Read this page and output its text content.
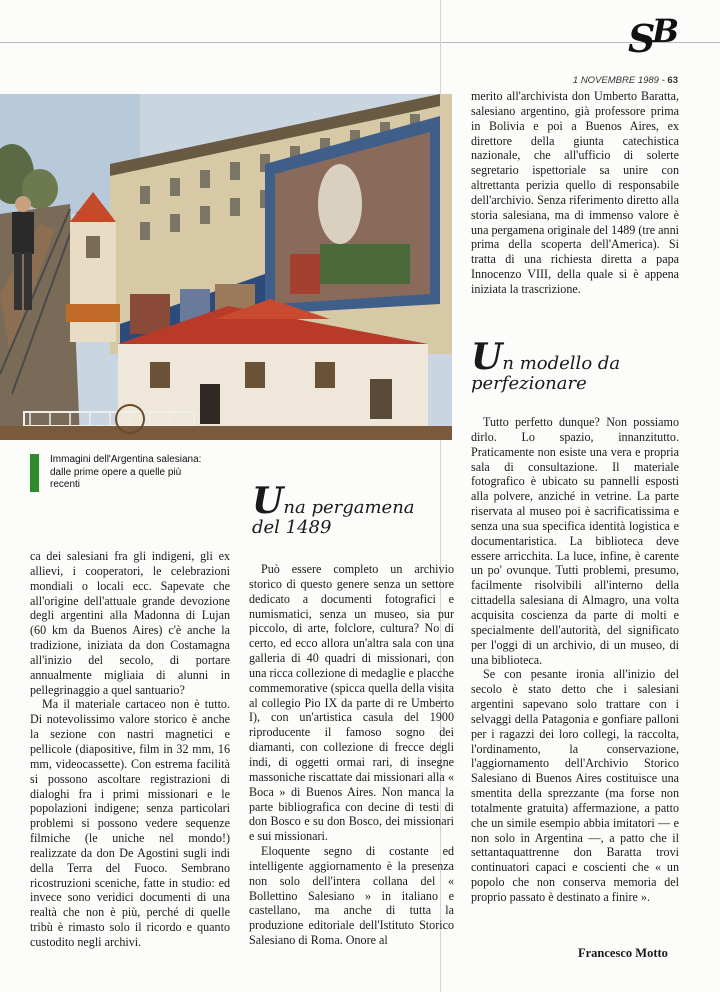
S
B
1 NOVEMBRE 1989 - 63
Immagini dell'Argentina salesiana: dalle prime opere a quelle più recenti

merito all'archivista don Umberto Baratta, salesiano argentino, già professore prima in Bolivia e poi a Buenos Aires, ex direttore della giunta catechistica nazionale, che all'ufficio di solerte segretario ispettoriale sa unire con altrettanta perizia quello di responsabile dell'archivio. Senza riferimento diretto alla storia salesiana, ma di immenso valore è una pergamena originale del 1489 (tre anni prima della scoperta dell'America). Si tratta di una richiesta diretta a papa Innocenzo VIII, della quale si è appena iniziata la trascrizione.

Un modello da perfezionare
Una pergamena del 1489

ca dei salesiani fra gli indigeni, gli ex allievi, i cooperatori, le celebrazioni mondiali o locali ecc. Sapevate che all'origine dell'attuale grande devozione degli argentini alla Madonna di Lujan (60 km da Buenos Aires) c'è anche la tradizione, iniziata da don Costamagna all'inizio del secolo, di portare annualmente migliaia di alunni in pellegrinaggio a quel santuario?

Ma il materiale cartaceo non è tutto. Di notevolissimo valore storico è anche la sezione con nastri magnetici e pellicole (diapositive, film in 32 mm, 16 mm, videocassette). Con estrema facilità si possono ascoltare registrazioni di dialoghi fra i primi missionari e le popolazioni indigene; senza particolari problemi si possono vedere sequenze filmiche (le uniche nel mondo!) realizzate da don De Agostini sugli indi della Terra del Fuoco. Sembrano ricostruzioni sceniche, fatte in studio: ed invece sono veridici documenti di una realtà che non è più, perché di quelle tribù è rimasto solo il ricordo e quanto custodito negli archivi.

Può essere completo un archivio storico di questo genere senza un settore dedicato a documenti fotografici e numismatici, senza un museo, sia pur piccolo, di arte, folclore, cultura? No di certo, ed ecco allora un'altra sala con una galleria di 40 quadri di missionari, con una ricca collezione di medaglie e placche commemorative (spicca quella della visita al collegio Pio IX da parte di re Umberto I), con un'artistica casula del 1900 riproducente il famoso sogno dei diamanti, con collezione di frecce degli indi, di oggetti ormai rari, di insegne massoniche riscattate dai missionari alla « Boca » di Buenos Aires. Non manca la parte bibliografica con decine di testi di don Bosco e su don Bosco, dei missionari e sui missionari.

Eloquente segno di costante ed intelligente aggiornamento è la presenza non solo dell'intera collana del « Bollettino Salesiano » in italiano e castellano, ma anche di tutta la produzione editoriale dell'Istituto Storico Salesiano di Roma. Onore al

Tutto perfetto dunque? Non possiamo dirlo. Lo spazio, innanzitutto. Praticamente non esiste una vera e propria sala di consultazione. Il materiale fotografico è ubicato su pannelli esposti alla polvere, anziché in vetrine. La parte riservata al museo poi è sacrificatissima e senza una sua specifica identità logistica e documentaristica. La biblioteca deve essere arricchita. La luce, infine, è carente un po' ovunque. Tutti problemi, presumo, facilmente risolvibili all'interno della cittadella salesiana di Almagro, una volta acquisita coscienza da parte di molti e specialmente dell'autorità, del significato per l'oggi di un archivio, di un museo, di una biblioteca.

Se con pesante ironia all'inizio del secolo è stato detto che i salesiani argentini sapevano solo trattare con i selvaggi della Patagonia e gonfiare palloni per i ragazzi dei loro collegi, la raccolta, l'ordinamento, la conservazione, l'aggiornamento dell'Archivio Storico Salesiano di Buenos Aires costituisce una smentita della sprezzante (ma forse non totalmente gratuita) affermazione, a patto che un simile esempio abbia imitatori — e non solo in Argentina —, a patto che il settantaquattrenne don Baratta trovi continuatori capaci e coscienti che « un popolo che non conserva memoria del proprio passato è destinato a finire ».

Francesco Motto
